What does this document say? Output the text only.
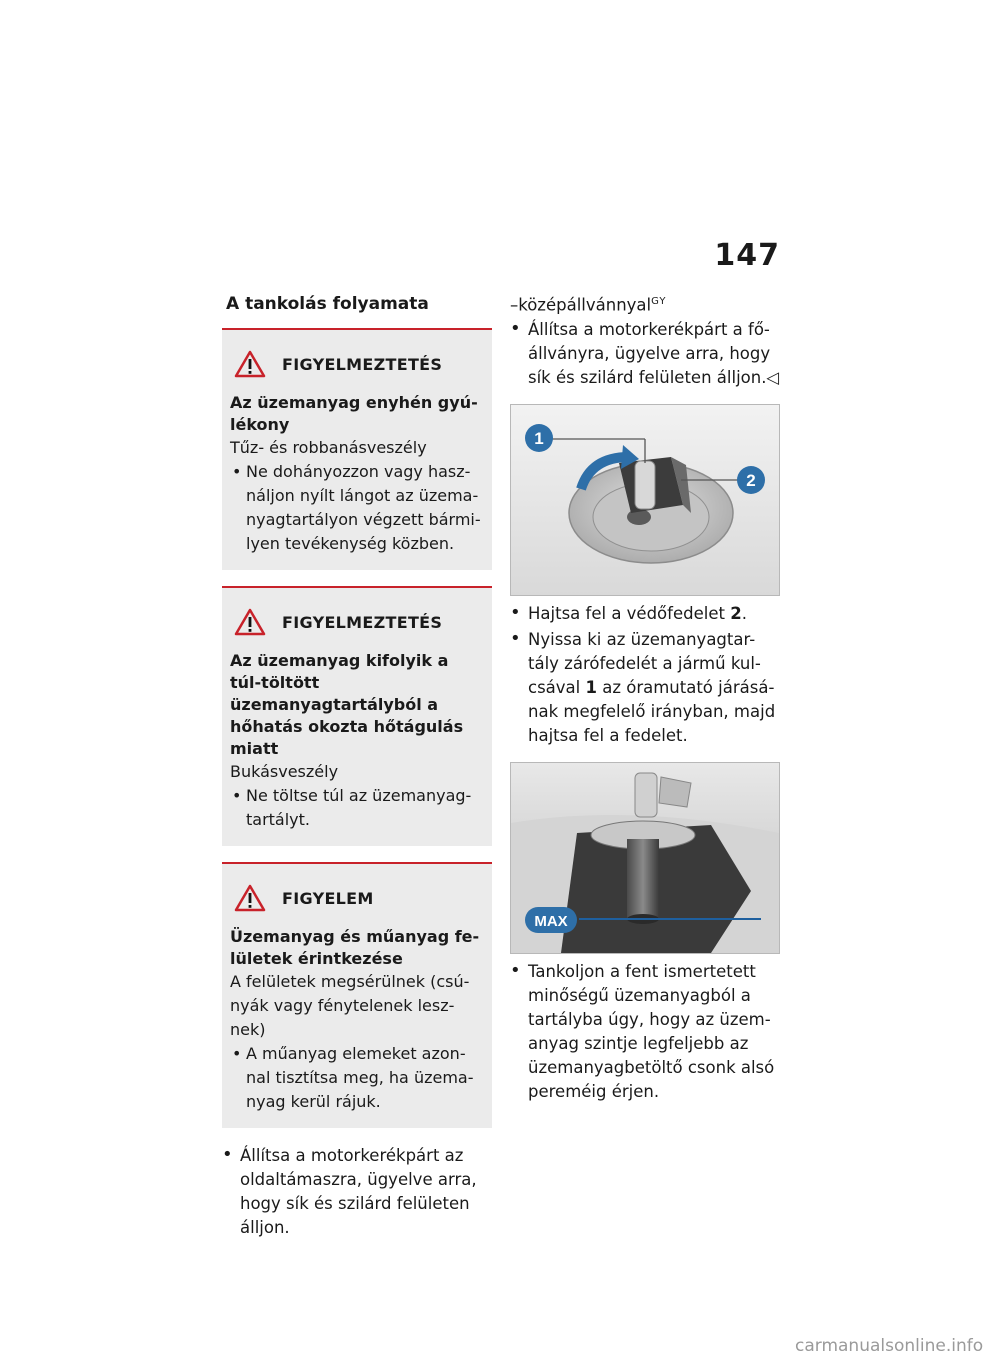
147
A tankolás folyamata
FIGYELMEZTETÉS
Az üzemanyag enyhén gyú-lékony
Tűz- és robbanásveszély
• Ne dohányozzon vagy hasz-náljon nyílt lángot az üzema-nyagtartályon végzett bármi-lyen tevékenység közben.
FIGYELMEZTETÉS
Az üzemanyag kifolyik a túl-töltött üzemanyagtartályból a hőhatás okozta hőtágulás miatt
Bukásveszély
• Ne töltse túl az üzemanyag-tartályt.
FIGYELEM
Üzemanyag és műanyag fe-lületek érintkezése
A felületek megsérülnek (csú-nyák vagy fénytelenek lesz-nek)
• A műanyag elemeket azon-nal tisztítsa meg, ha üzema-nyag kerül rájuk.
• Állítsa a motorkerékpárt az oldaltámaszra, ügyelve arra, hogy sík és szilárd felületen álljon.
–középállvánnyal$^{GY}$
• Állítsa a motorkerékpárt a fő-állványra, ügyelve arra, hogy sík és szilárd felületen álljon.◁
1
2
• Hajtsa fel a védőfedelet 2.
• Nyissa ki az üzemanyagtar-tály zárófedelét a jármű kul-csával 1 az óramutató járásá-nak megfelelő irányban, majd hajtsa fel a fedelet.
MAX
• Tankoljon a fent ismertetett minőségű üzemanyagból a tartályba úgy, hogy az üzem-anyag szintje legfeljebb az üzemanyagbetöltő csonk alsó pereméig érjen.
carmanualsonline.info
